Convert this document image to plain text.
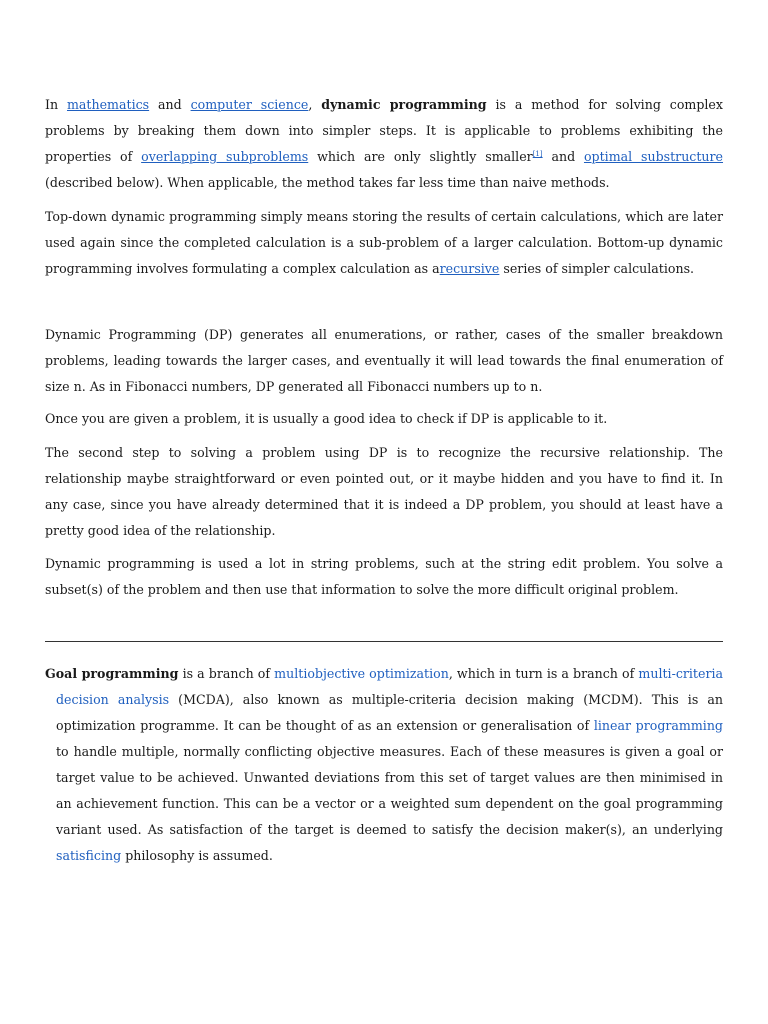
In mathematics and computer science, dynamic programming is a method for solving complex problems by breaking them down into simpler steps. It is applicable to problems exhibiting the properties of overlapping subproblems which are only slightly smaller[1] and optimal substructure (described below). When applicable, the method takes far less time than naive methods.

Top-down dynamic programming simply means storing the results of certain calculations, which are later used again since the completed calculation is a sub-problem of a larger calculation. Bottom-up dynamic programming involves formulating a complex calculation as arecursive series of simpler calculations.

Dynamic Programming (DP) generates all enumerations, or rather, cases of the smaller breakdown problems, leading towards the larger cases, and eventually it will lead towards the final enumeration of size n. As in Fibonacci numbers, DP generated all Fibonacci numbers up to n.

Once you are given a problem, it is usually a good idea to check if DP is applicable to it.

The second step to solving a problem using DP is to recognize the recursive relationship. The relationship maybe straightforward or even pointed out, or it maybe hidden and you have to find it. In any case, since you have already determined that it is indeed a DP problem, you should at least have a pretty good idea of the relationship.

Dynamic programming is used a lot in string problems, such at the string edit problem. You solve a subset(s) of the problem and then use that information to solve the more difficult original problem.

Goal programming is a branch of multiobjective optimization, which in turn is a branch of multi-criteria decision analysis (MCDA), also known as multiple-criteria decision making (MCDM). This is an optimization programme. It can be thought of as an extension or generalisation of linear programming to handle multiple, normally conflicting objective measures. Each of these measures is given a goal or target value to be achieved. Unwanted deviations from this set of target values are then minimised in an achievement function. This can be a vector or a weighted sum dependent on the goal programming variant used. As satisfaction of the target is deemed to satisfy the decision maker(s), an underlying satisficing philosophy is assumed.
